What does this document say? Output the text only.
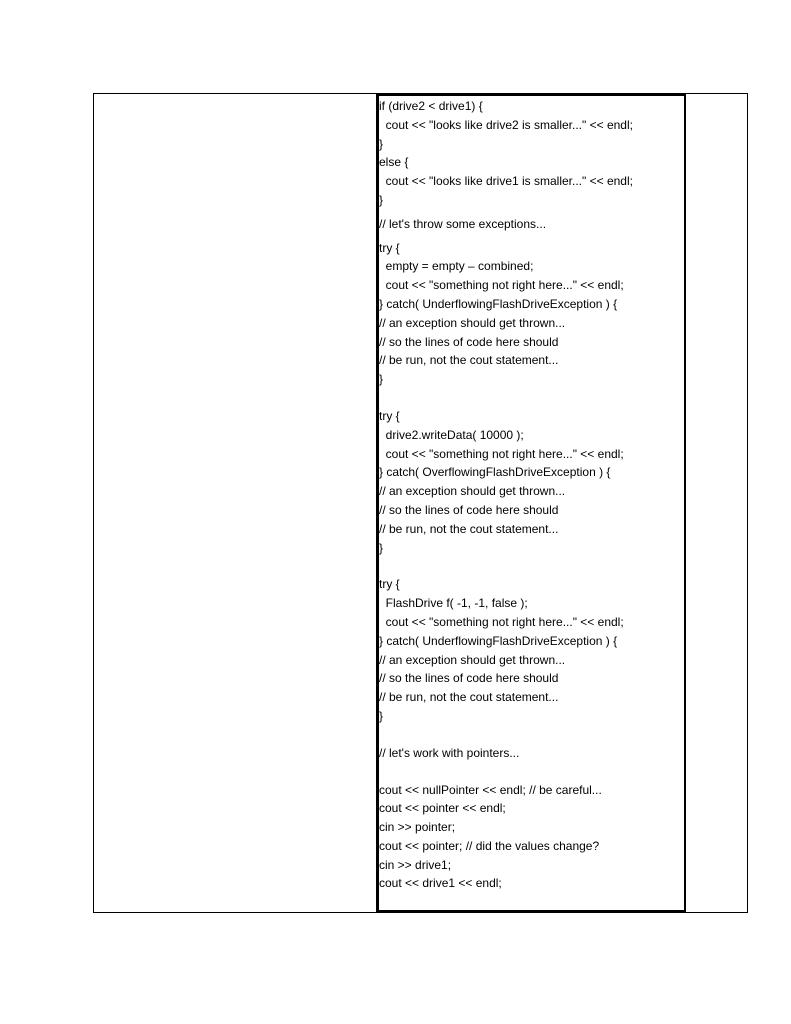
if (drive2 < drive1) {
cout << "looks like drive2 is smaller..." << endl;
}
else {
cout << "looks like drive1 is smaller..." << endl;
}
// let's throw some exceptions...
try {
empty = empty – combined;
cout << "something not right here..." << endl;
} catch( UnderflowingFlashDriveException ) {
// an exception should get thrown...
// so the lines of code here should
// be run, not the cout statement...
}
try {
drive2.writeData( 10000 );
cout << "something not right here..." << endl;
} catch( OverflowingFlashDriveException ) {
// an exception should get thrown...
// so the lines of code here should
// be run, not the cout statement...
}
try {
FlashDrive f( -1, -1, false );
cout << "something not right here..." << endl;
} catch( UnderflowingFlashDriveException ) {
// an exception should get thrown...
// so the lines of code here should
// be run, not the cout statement...
}
// let's work with pointers...
cout << nullPointer << endl; // be careful...
cout << pointer << endl;
cin >> pointer;
cout << pointer; // did the values change?
cin >> drive1;
cout << drive1 << endl;
